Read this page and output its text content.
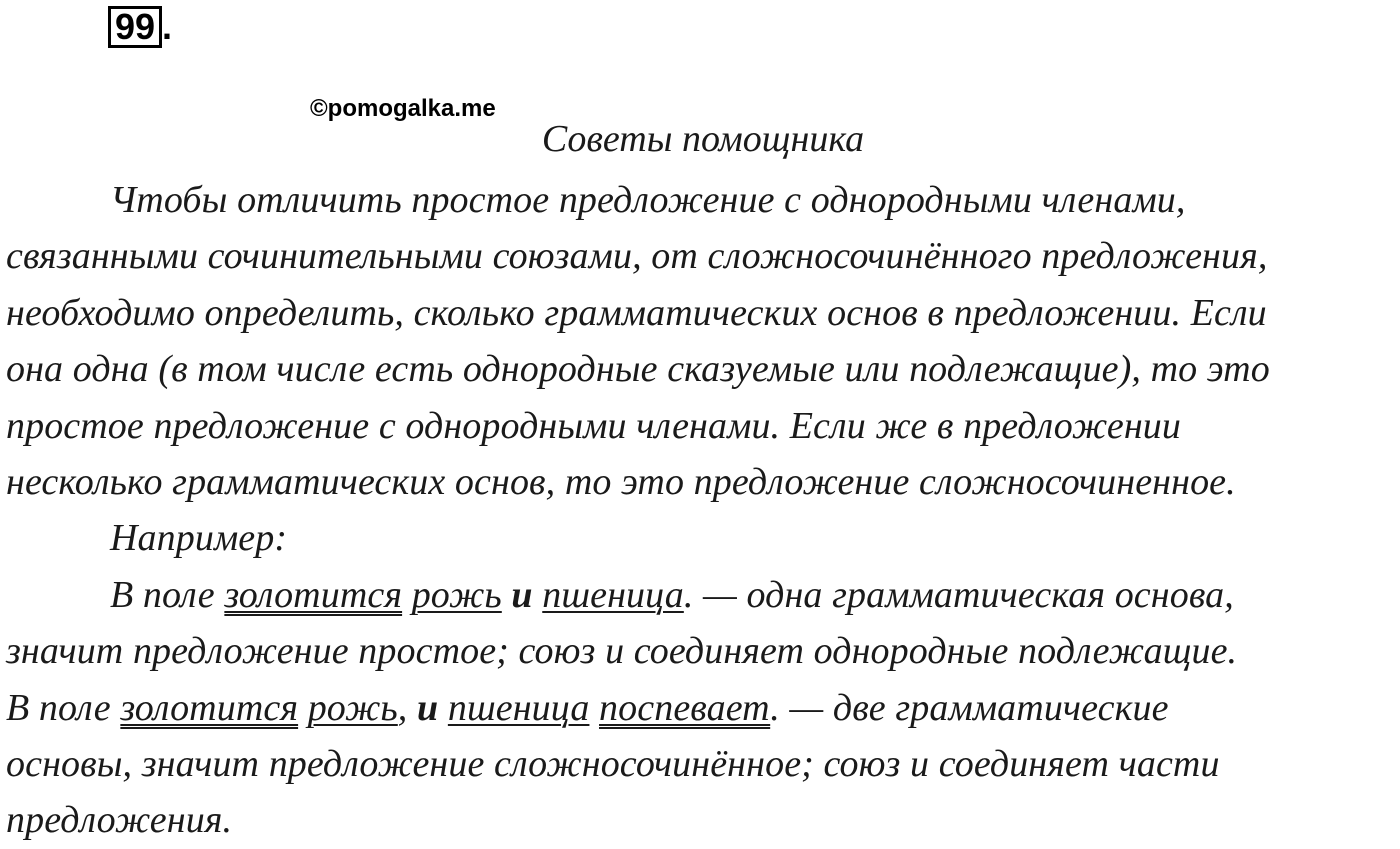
99 .
©pomogalka.me
Советы помощника
Чтобы отличить простое предложение с однородными членами,
связанными сочинительными союзами, от сложносочинённого предложения,
необходимо определить, сколько грамматических основ в предложении. Если
она одна (в том числе есть однородные сказуемые или подлежащие), то это
простое предложение с однородными членами. Если же в предложении
несколько грамматических основ, то это предложение сложносочиненное.
Например:
В поле золотится рожь и пшеница. — одна грамматическая основа,
значит предложение простое; союз и соединяет однородные подлежащие.
В поле золотится рожь, и пшеница поспевает. — две грамматические
основы, значит предложение сложносочинённое; союз и соединяет части
предложения.
